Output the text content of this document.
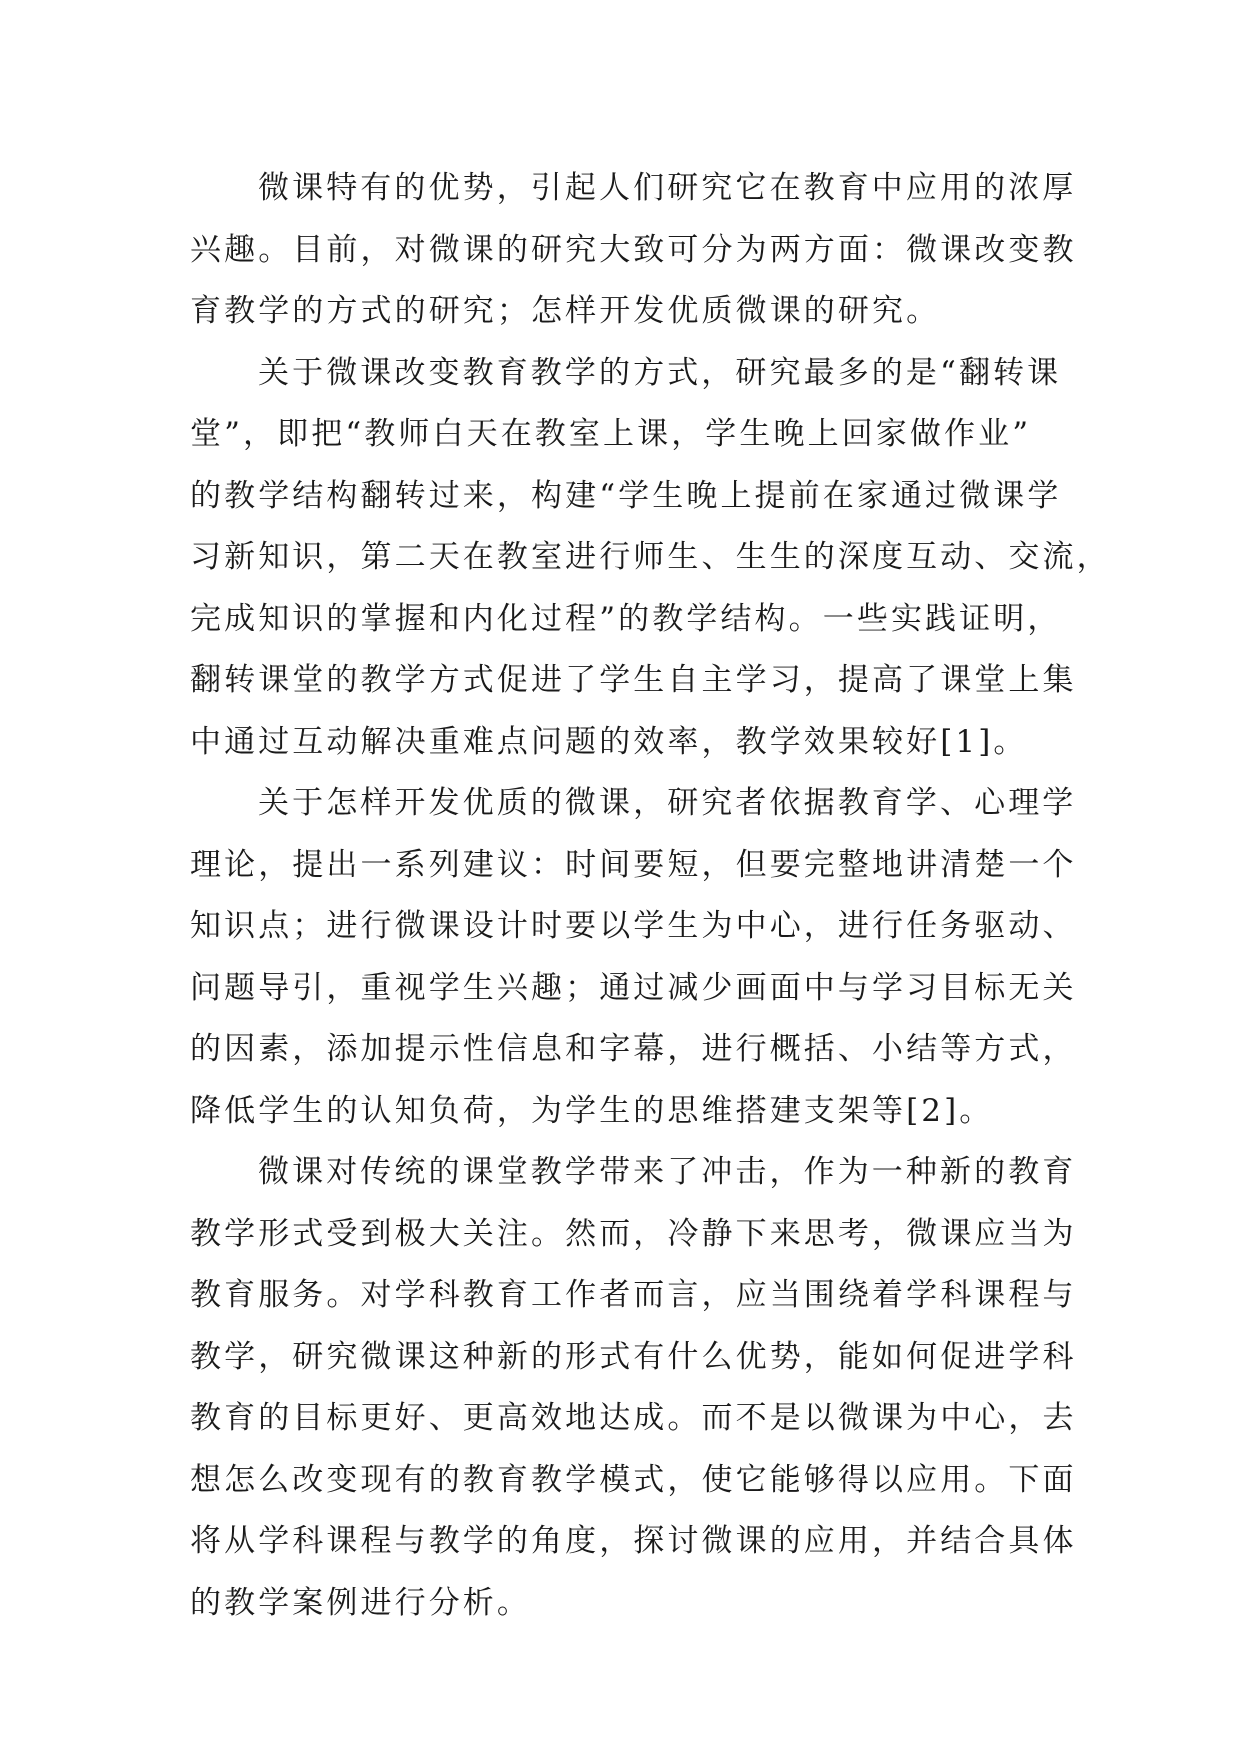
微课特有的优势，引起人们研究它在教育中应用的浓厚
兴趣。目前，对微课的研究大致可分为两方面：微课改变教
育教学的方式的研究；怎样开发优质微课的研究。

关于微课改变教育教学的方式，研究最多的是“翻转课
堂”，即把“教师白天在教室上课，学生晚上回家做作业”
的教学结构翻转过来，构建“学生晚上提前在家通过微课学
习新知识，第二天在教室进行师生、生生的深度互动、交流，
完成知识的掌握和内化过程”的教学结构。一些实践证明，
翻转课堂的教学方式促进了学生自主学习，提高了课堂上集
中通过互动解决重难点问题的效率，教学效果较好[1]。

关于怎样开发优质的微课，研究者依据教育学、心理学
理论，提出一系列建议：时间要短，但要完整地讲清楚一个
知识点；进行微课设计时要以学生为中心，进行任务驱动、
问题导引，重视学生兴趣；通过减少画面中与学习目标无关
的因素，添加提示性信息和字幕，进行概括、小结等方式，
降低学生的认知负荷，为学生的思维搭建支架等[2]。

微课对传统的课堂教学带来了冲击，作为一种新的教育
教学形式受到极大关注。然而，冷静下来思考，微课应当为
教育服务。对学科教育工作者而言，应当围绕着学科课程与
教学，研究微课这种新的形式有什么优势，能如何促进学科
教育的目标更好、更高效地达成。而不是以微课为中心，去
想怎么改变现有的教育教学模式，使它能够得以应用。下面
将从学科课程与教学的角度，探讨微课的应用，并结合具体
的教学案例进行分析。
